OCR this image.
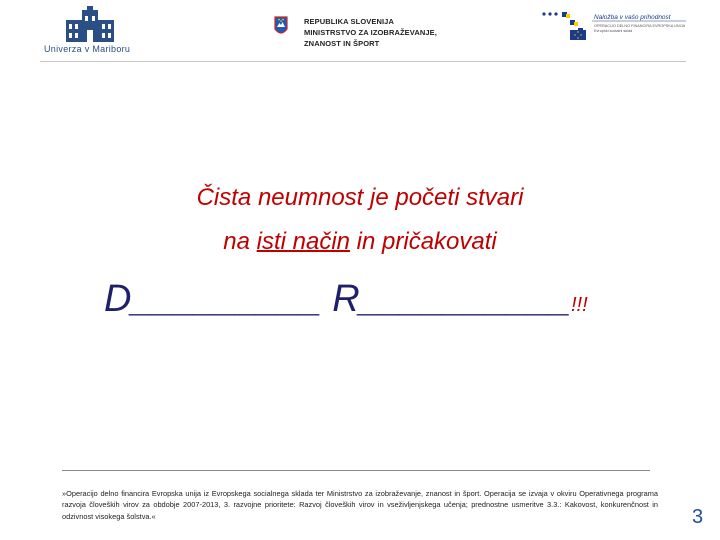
Univerza v Mariboru
REPUBLIKA SLOVENIJA
MINISTRSTVO ZA IZOBRAŽEVANJE,
ZNANOST IN ŠPORT
Naložba v vašo prihodnost
OPERACIJO DELNO FINANCIRA EVROPSKA UNIJA
Evropski socialni sklad
Čista neumnost je početi stvari
na isti način in pričakovati
D_________ R__________!!!
»Operacijo delno financira Evropska unija iz Evropskega socialnega sklada ter Ministrstvo za izobraževanje, znanost in šport. Operacija se izvaja v okviru Operativnega programa razvoja človeških virov za obdobje 2007-2013, 3. razvojne prioritete: Razvoj človeških virov in vseživljenjskega učenja; prednostne usmeritve 3.3.: Kakovost, konkurenčnost in odzivnost visokega šolstva.«	3
